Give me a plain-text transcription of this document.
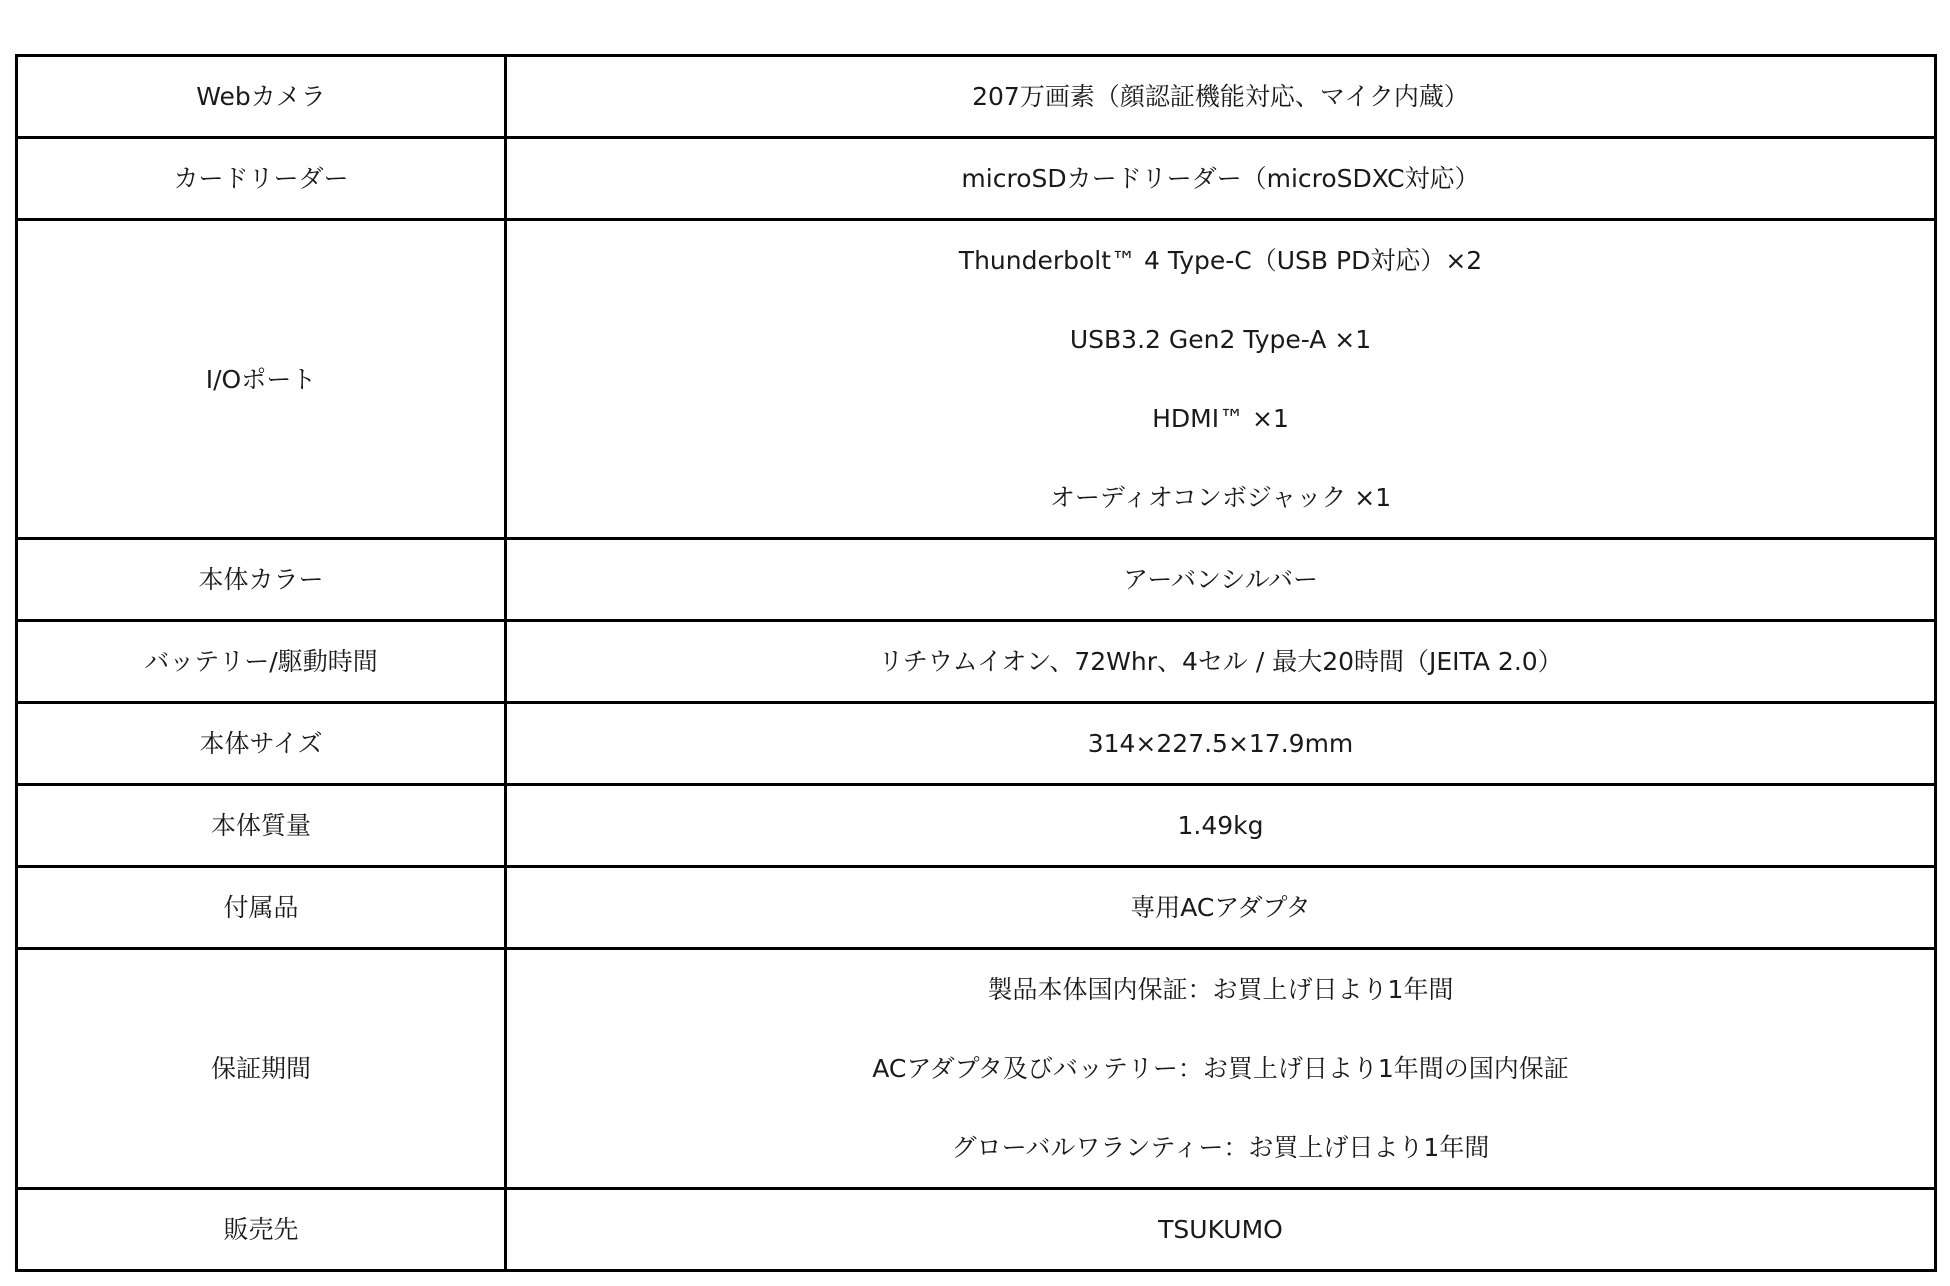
Webカメラ	207万画素（顔認証機能対応、マイク内蔵）

カードリーダー	microSDカードリーダー（microSDXC対応）

I/Oポート	Thunderbolt™ 4 Type-C（USB PD対応）×2
USB3.2 Gen2 Type-A ×1
HDMI™ ×1
オーディオコンボジャック ×1

本体カラー	アーバンシルバー

バッテリー/駆動時間	リチウムイオン、72Whr、4セル / 最大20時間（JEITA 2.0）

本体サイズ	314×227.5×17.9mm

本体質量	1.49kg

付属品	専用ACアダプタ

保証期間	製品本体国内保証：お買上げ日より1年間
ACアダプタ及びバッテリー：お買上げ日より1年間の国内保証
グローバルワランティー：お買上げ日より1年間

販売先	TSUKUMO
